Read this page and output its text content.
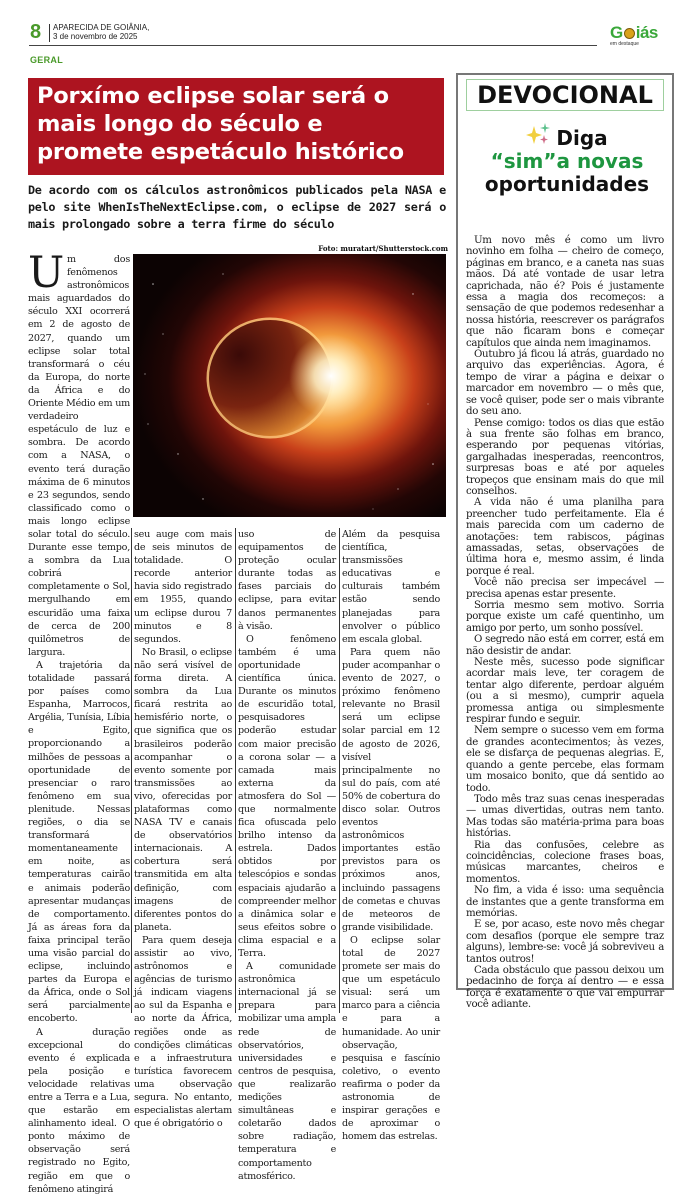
8 APARECIDA DE GOIÂNIA,
3 de novembro de 2025	G iás
em destaque
GERAL
Porxímo eclipse solar será o mais longo do século e promete espetáculo histórico
De acordo com os cálculos astronômicos publicados pela NASA e pelo site WhenIsTheNextEclipse.com, o eclipse de 2027 será o mais prolongado sobre a terra firme do século
Foto: muratart/Shutterstock.com
U m dos fenômenos astronômicos mais aguardados do século XXI ocorrerá em 2 de agosto de 2027, quando um eclipse solar total transformará o céu da Europa, do norte da África e do Oriente Médio em um verdadeiro espetáculo de luz e sombra. De acordo com a NASA, o evento terá duração máxima de 6 minutos e 23 segundos, sendo classificado como o mais longo eclipse solar total do século. Durante esse tempo, a sombra da Lua cobrirá completamente o Sol, mergulhando em escuridão uma faixa de cerca de 200 quilômetros de largura.

A trajetória da totalidade passará por países como Espanha, Marrocos, Argélia, Tunísia, Líbia e Egito, proporcionando a milhões de pessoas a oportunidade de presenciar o raro fenômeno em sua plenitude. Nessas regiões, o dia se transformará momentaneamente em noite, as temperaturas cairão e animais poderão apresentar mudanças de comportamento. Já as áreas fora da faixa principal terão uma visão parcial do eclipse, incluindo partes da Europa e da África, onde o Sol será parcialmente encoberto.

A duração excepcional do evento é explicada pela posição e velocidade relativas entre a Terra e a Lua, que estarão em alinhamento ideal. O ponto máximo de observação será registrado no Egito, região em que o fenômeno atingirá

seu auge com mais de seis minutos de totalidade. O recorde anterior havia sido registrado em 1955, quando um eclipse durou 7 minutos e 8 segundos.

No Brasil, o eclipse não será visível de forma direta. A sombra da Lua ficará restrita ao hemisfério norte, o que significa que os brasileiros poderão acompanhar o evento somente por transmissões ao vivo, oferecidas por plataformas como NASA TV e canais de observatórios internacionais. A cobertura será transmitida em alta definição, com imagens de diferentes pontos do planeta.

Para quem deseja assistir ao vivo, astrônomos e agências de turismo já indicam viagens ao sul da Espanha e ao norte da África, regiões onde as condições climáticas e a infraestrutura turística favorecem uma observação segura. No entanto, especialistas alertam que é obrigatório o

uso de equipamentos de proteção ocular durante todas as fases parciais do eclipse, para evitar danos permanentes à visão.

O fenômeno também é uma oportunidade científica única. Durante os minutos de escuridão total, pesquisadores poderão estudar com maior precisão a corona solar — a camada mais externa da atmosfera do Sol — que normalmente fica ofuscada pelo brilho intenso da estrela. Dados obtidos por telescópios e sondas espaciais ajudarão a compreender melhor a dinâmica solar e seus efeitos sobre o clima espacial e a Terra.

A comunidade astronômica internacional já se prepara para mobilizar uma ampla rede de observatórios, universidades e centros de pesquisa, que realizarão medições simultâneas e coletarão dados sobre radiação, temperatura e comportamento atmosférico.

Além da pesquisa científica, transmissões educativas e culturais também estão sendo planejadas para envolver o público em escala global.

Para quem não puder acompanhar o evento de 2027, o próximo fenômeno relevante no Brasil será um eclipse solar parcial em 12 de agosto de 2026, visível principalmente no sul do país, com até 50% de cobertura do disco solar. Outros eventos astronômicos importantes estão previstos para os próximos anos, incluindo passagens de cometas e chuvas de meteoros de grande visibilidade.

O eclipse solar total de 2027 promete ser mais do que um espetáculo visual: será um marco para a ciência e para a humanidade. Ao unir observação, pesquisa e fascínio coletivo, o evento reafirma o poder da astronomia de inspirar gerações e de aproximar o homem das estrelas.

DEVOCIONAL
Diga
“sim”a novas
oportunidades

Um novo mês é como um livro novinho em folha — cheiro de começo, páginas em branco, e a caneta nas suas mãos. Dá até vontade de usar letra caprichada, não é? Pois é justamente essa a magia dos recomeços: a sensação de que podemos redesenhar a nossa história, reescrever os parágrafos que não ficaram bons e começar capítulos que ainda nem imaginamos.

Outubro já ficou lá atrás, guardado no arquivo das experiências. Agora, é tempo de virar a página e deixar o marcador em novembro — o mês que, se você quiser, pode ser o mais vibrante do seu ano.

Pense comigo: todos os dias que estão à sua frente são folhas em branco, esperando por pequenas vitórias, gargalhadas inesperadas, reencontros, surpresas boas e até por aqueles tropeços que ensinam mais do que mil conselhos.

A vida não é uma planilha para preencher tudo perfeitamente. Ela é mais parecida com um caderno de anotações: tem rabiscos, páginas amassadas, setas, observações de última hora e, mesmo assim, é linda porque é real.

Você não precisa ser impecável — precisa apenas estar presente.

Sorria mesmo sem motivo. Sorria porque existe um café quentinho, um amigo por perto, um sonho possível.

O segredo não está em correr, está em não desistir de andar.

Neste mês, sucesso pode significar acordar mais leve, ter coragem de tentar algo diferente, perdoar alguém (ou a si mesmo), cumprir aquela promessa antiga ou simplesmente respirar fundo e seguir.

Nem sempre o sucesso vem em forma de grandes acontecimentos; às vezes, ele se disfarça de pequenas alegrias. E, quando a gente percebe, elas formam um mosaico bonito, que dá sentido ao todo.

Todo mês traz suas cenas inesperadas — umas divertidas, outras nem tanto. Mas todas são matéria-prima para boas histórias.

Ria das confusões, celebre as coincidências, colecione frases boas, músicas marcantes, cheiros e momentos.

No fim, a vida é isso: uma sequência de instantes que a gente transforma em memórias.

E se, por acaso, este novo mês chegar com desafios (porque ele sempre traz alguns), lembre-se: você já sobreviveu a tantos outros!

Cada obstáculo que passou deixou um pedacinho de força aí dentro — e essa força é exatamente o que vai empurrar você adiante.
